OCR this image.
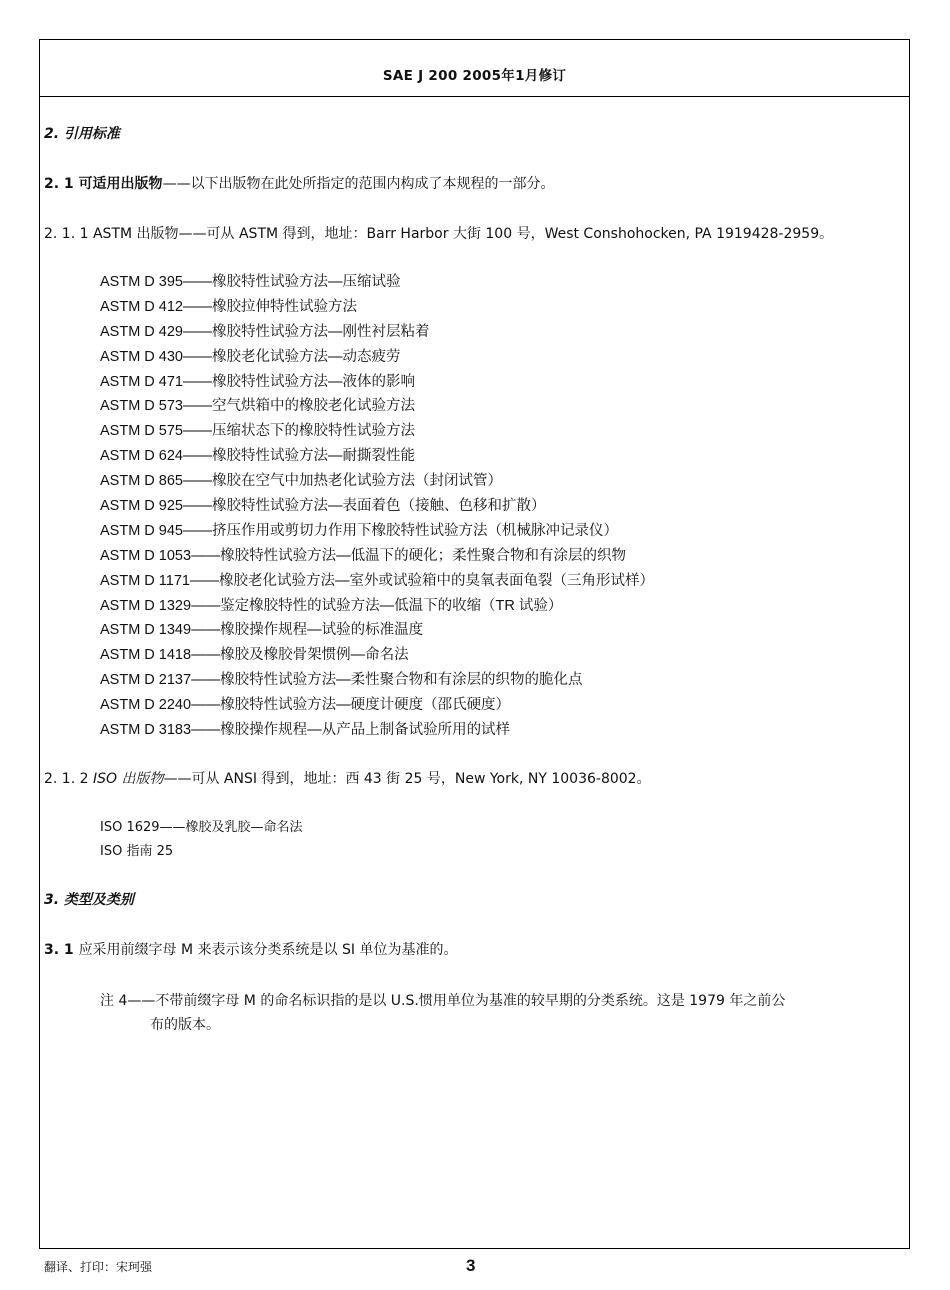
SAE J 200 2005年1月修订

2. 引用标准

2. 1 可适用出版物——以下出版物在此处所指定的范围内构成了本规程的一部分。

2. 1. 1 ASTM 出版物——可从 ASTM 得到，地址：Barr Harbor 大街 100 号，West Conshohocken, PA 1919428-2959。

ASTM D 395——橡胶特性试验方法—压缩试验
ASTM D 412——橡胶拉伸特性试验方法
ASTM D 429——橡胶特性试验方法—刚性衬层粘着
ASTM D 430——橡胶老化试验方法—动态疲劳
ASTM D 471——橡胶特性试验方法—液体的影响
ASTM D 573——空气烘箱中的橡胶老化试验方法
ASTM D 575——压缩状态下的橡胶特性试验方法
ASTM D 624——橡胶特性试验方法—耐撕裂性能
ASTM D 865——橡胶在空气中加热老化试验方法（封闭试管）
ASTM D 925——橡胶特性试验方法—表面着色（接触、色移和扩散）
ASTM D 945——挤压作用或剪切力作用下橡胶特性试验方法（机械脉冲记录仪）
ASTM D 1053——橡胶特性试验方法—低温下的硬化；柔性聚合物和有涂层的织物
ASTM D 1171——橡胶老化试验方法—室外或试验箱中的臭氧表面龟裂（三角形试样）
ASTM D 1329——鉴定橡胶特性的试验方法—低温下的收缩（TR 试验）
ASTM D 1349——橡胶操作规程—试验的标准温度
ASTM D 1418——橡胶及橡胶骨架惯例—命名法
ASTM D 2137——橡胶特性试验方法—柔性聚合物和有涂层的织物的脆化点
ASTM D 2240——橡胶特性试验方法—硬度计硬度（邵氏硬度）
ASTM D 3183——橡胶操作规程—从产品上制备试验所用的试样

2. 1. 2 ISO 出版物——可从 ANSI 得到，地址：西 43 街 25 号，New York, NY 10036-8002。

ISO 1629——橡胶及乳胶—命名法
ISO 指南 25

3. 类型及类别

3. 1 应采用前缀字母 M 来表示该分类系统是以 SI 单位为基准的。

注 4——不带前缀字母 M 的命名标识指的是以 U.S.惯用单位为基准的较早期的分类系统。这是 1979 年之前公
布的版本。

翻译、打印：宋珂强	3
